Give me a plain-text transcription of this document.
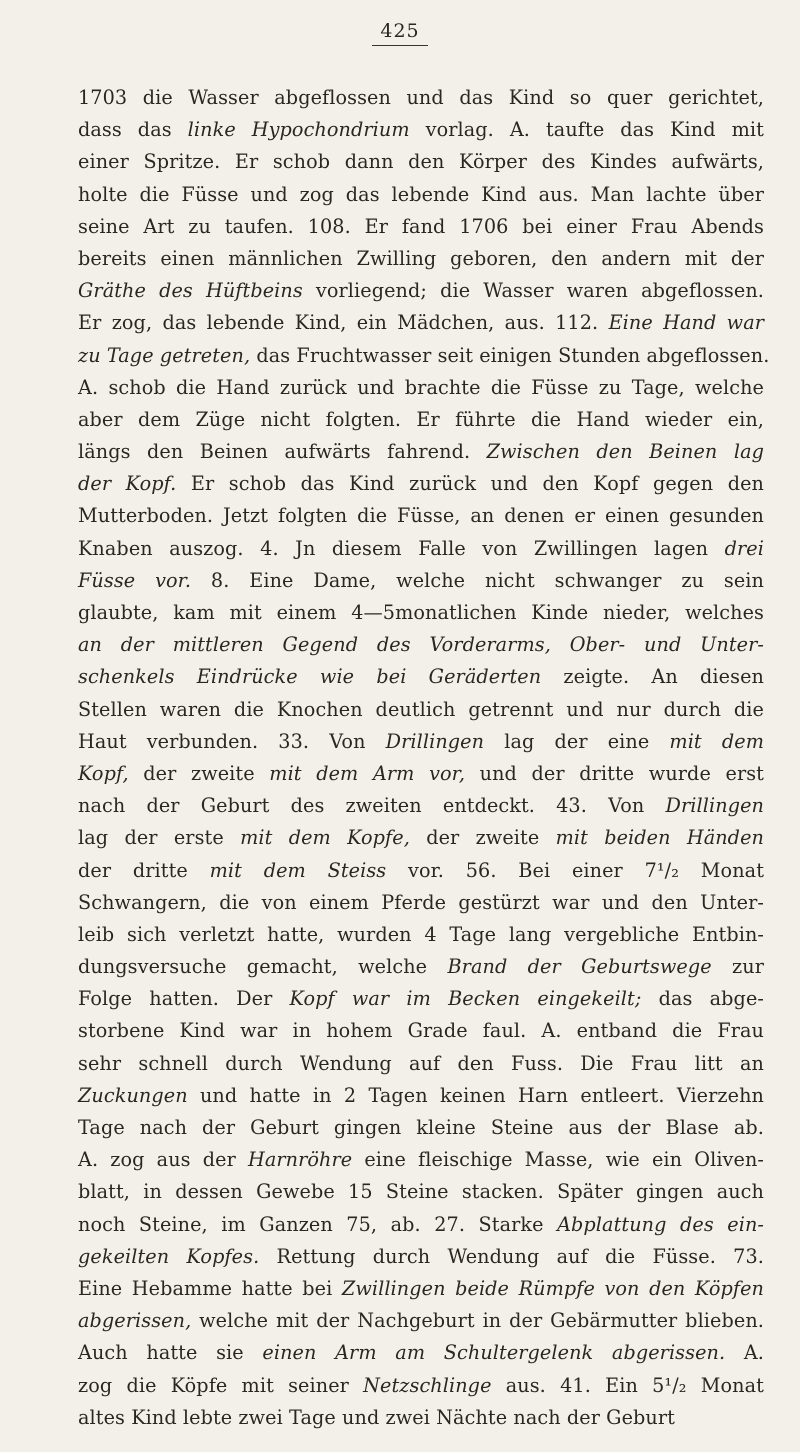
425
1703 die Wasser abgeflossen und das Kind so quer gerichtet,
dass das linke Hypochondrium vorlag. A. taufte das Kind mit
einer Spritze. Er schob dann den Körper des Kindes aufwärts,
holte die Füsse und zog das lebende Kind aus. Man lachte über
seine Art zu taufen. 108. Er fand 1706 bei einer Frau Abends
bereits einen männlichen Zwilling geboren, den andern mit der
Gräthe des Hüftbeins vorliegend; die Wasser waren abgeflossen.
Er zog, das lebende Kind, ein Mädchen, aus. 112. Eine Hand war
zu Tage getreten, das Fruchtwasser seit einigen Stunden abgeflossen.
A. schob die Hand zurück und brachte die Füsse zu Tage, welche
aber dem Züge nicht folgten. Er führte die Hand wieder ein,
längs den Beinen aufwärts fahrend. Zwischen den Beinen lag
der Kopf. Er schob das Kind zurück und den Kopf gegen den
Mutterboden. Jetzt folgten die Füsse, an denen er einen gesunden
Knaben auszog. 4. Jn diesem Falle von Zwillingen lagen drei
Füsse vor. 8. Eine Dame, welche nicht schwanger zu sein
glaubte, kam mit einem 4—5monatlichen Kinde nieder, welches
an der mittleren Gegend des Vorderarms, Ober- und Unter-
schenkels Eindrücke wie bei Geräderten zeigte. An diesen
Stellen waren die Knochen deutlich getrennt und nur durch die
Haut verbunden. 33. Von Drillingen lag der eine mit dem
Kopf, der zweite mit dem Arm vor, und der dritte wurde erst
nach der Geburt des zweiten entdeckt. 43. Von Drillingen
lag der erste mit dem Kopfe, der zweite mit beiden Händen
der dritte mit dem Steiss vor. 56. Bei einer 7¹/₂ Monat
Schwangern, die von einem Pferde gestürzt war und den Unter-
leib sich verletzt hatte, wurden 4 Tage lang vergebliche Entbin-
dungsversuche gemacht, welche Brand der Geburtswege zur
Folge hatten. Der Kopf war im Becken eingekeilt; das abge-
storbene Kind war in hohem Grade faul. A. entband die Frau
sehr schnell durch Wendung auf den Fuss. Die Frau litt an
Zuckungen und hatte in 2 Tagen keinen Harn entleert. Vierzehn
Tage nach der Geburt gingen kleine Steine aus der Blase ab.
A. zog aus der Harnröhre eine fleischige Masse, wie ein Oliven-
blatt, in dessen Gewebe 15 Steine stacken. Später gingen auch
noch Steine, im Ganzen 75, ab. 27. Starke Abplattung des ein-
gekeilten Kopfes. Rettung durch Wendung auf die Füsse. 73.
Eine Hebamme hatte bei Zwillingen beide Rümpfe von den Köpfen
abgerissen, welche mit der Nachgeburt in der Gebärmutter blieben.
Auch hatte sie einen Arm am Schultergelenk abgerissen. A.
zog die Köpfe mit seiner Netzschlinge aus. 41. Ein 5¹/₂ Monat
altes Kind lebte zwei Tage und zwei Nächte nach der Geburt
